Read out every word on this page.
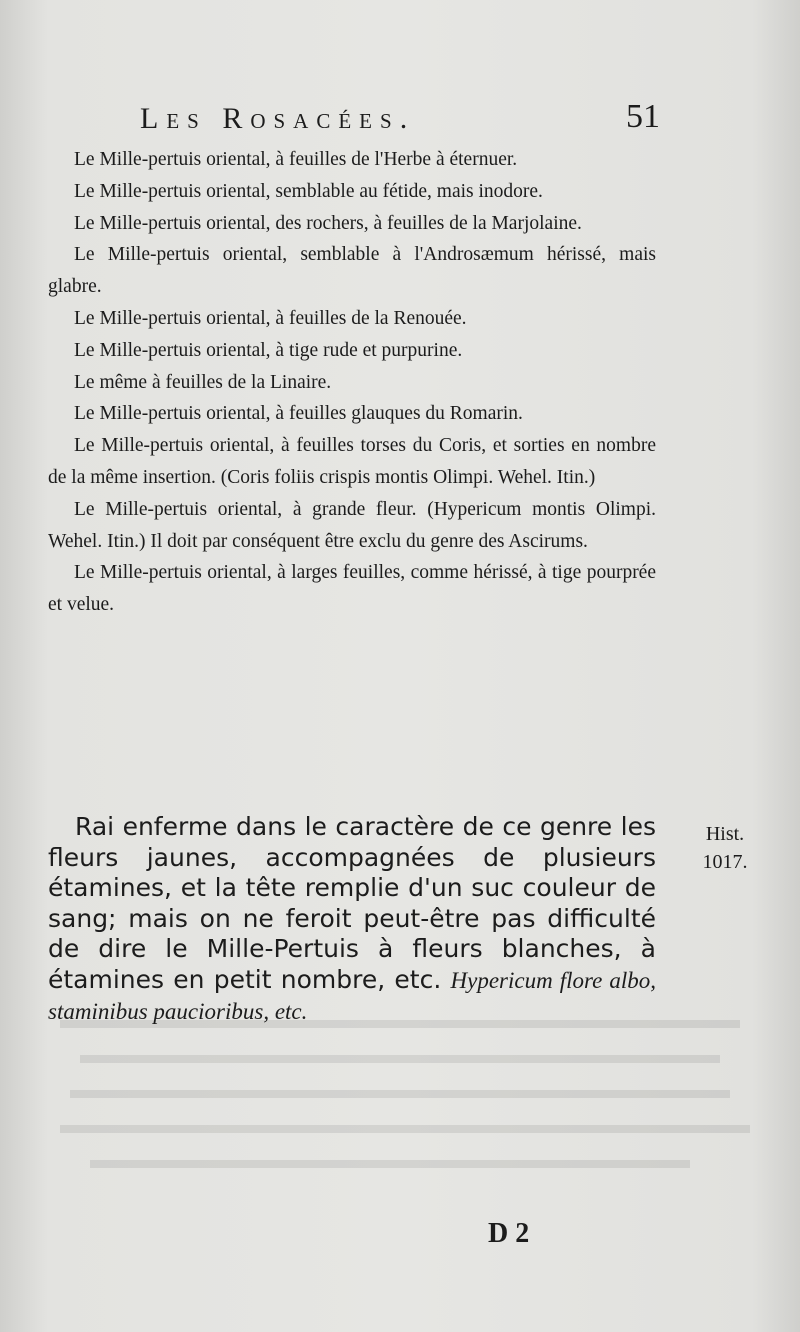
Les Rosacées.	51

Le Mille-pertuis oriental, à feuilles de l'Herbe à éternuer.

Le Mille-pertuis oriental, semblable au fétide, mais inodore.

Le Mille-pertuis oriental, des rochers, à feuilles de la Marjolaine.

Le Mille-pertuis oriental, semblable à l'Androsæmum hérissé, mais glabre.

Le Mille-pertuis oriental, à feuilles de la Renouée.

Le Mille-pertuis oriental, à tige rude et purpurine.

Le même à feuilles de la Linaire.

Le Mille-pertuis oriental, à feuilles glauques du Romarin.

Le Mille-pertuis oriental, à feuilles torses du Coris, et sorties en nombre de la même insertion. (Coris foliis crispis montis Olimpi. Wehel. Itin.)

Le Mille-pertuis oriental, à grande fleur. (Hypericum montis Olimpi. Wehel. Itin.) Il doit par conséquent être exclu du genre des Ascirums.

Le Mille-pertuis oriental, à larges feuilles, comme hérissé, à tige pourprée et velue.

Rai enferme dans le caractère de ce genre les fleurs jaunes, accompagnées de plusieurs étamines, et la tête remplie d'un suc couleur de sang; mais on ne feroit peut-être pas difficulté de dire le Mille-Pertuis à fleurs blanches, à étamines en petit nombre, etc. Hypericum flore albo, staminibus paucioribus, etc.

Hist.
1017.
D 2
